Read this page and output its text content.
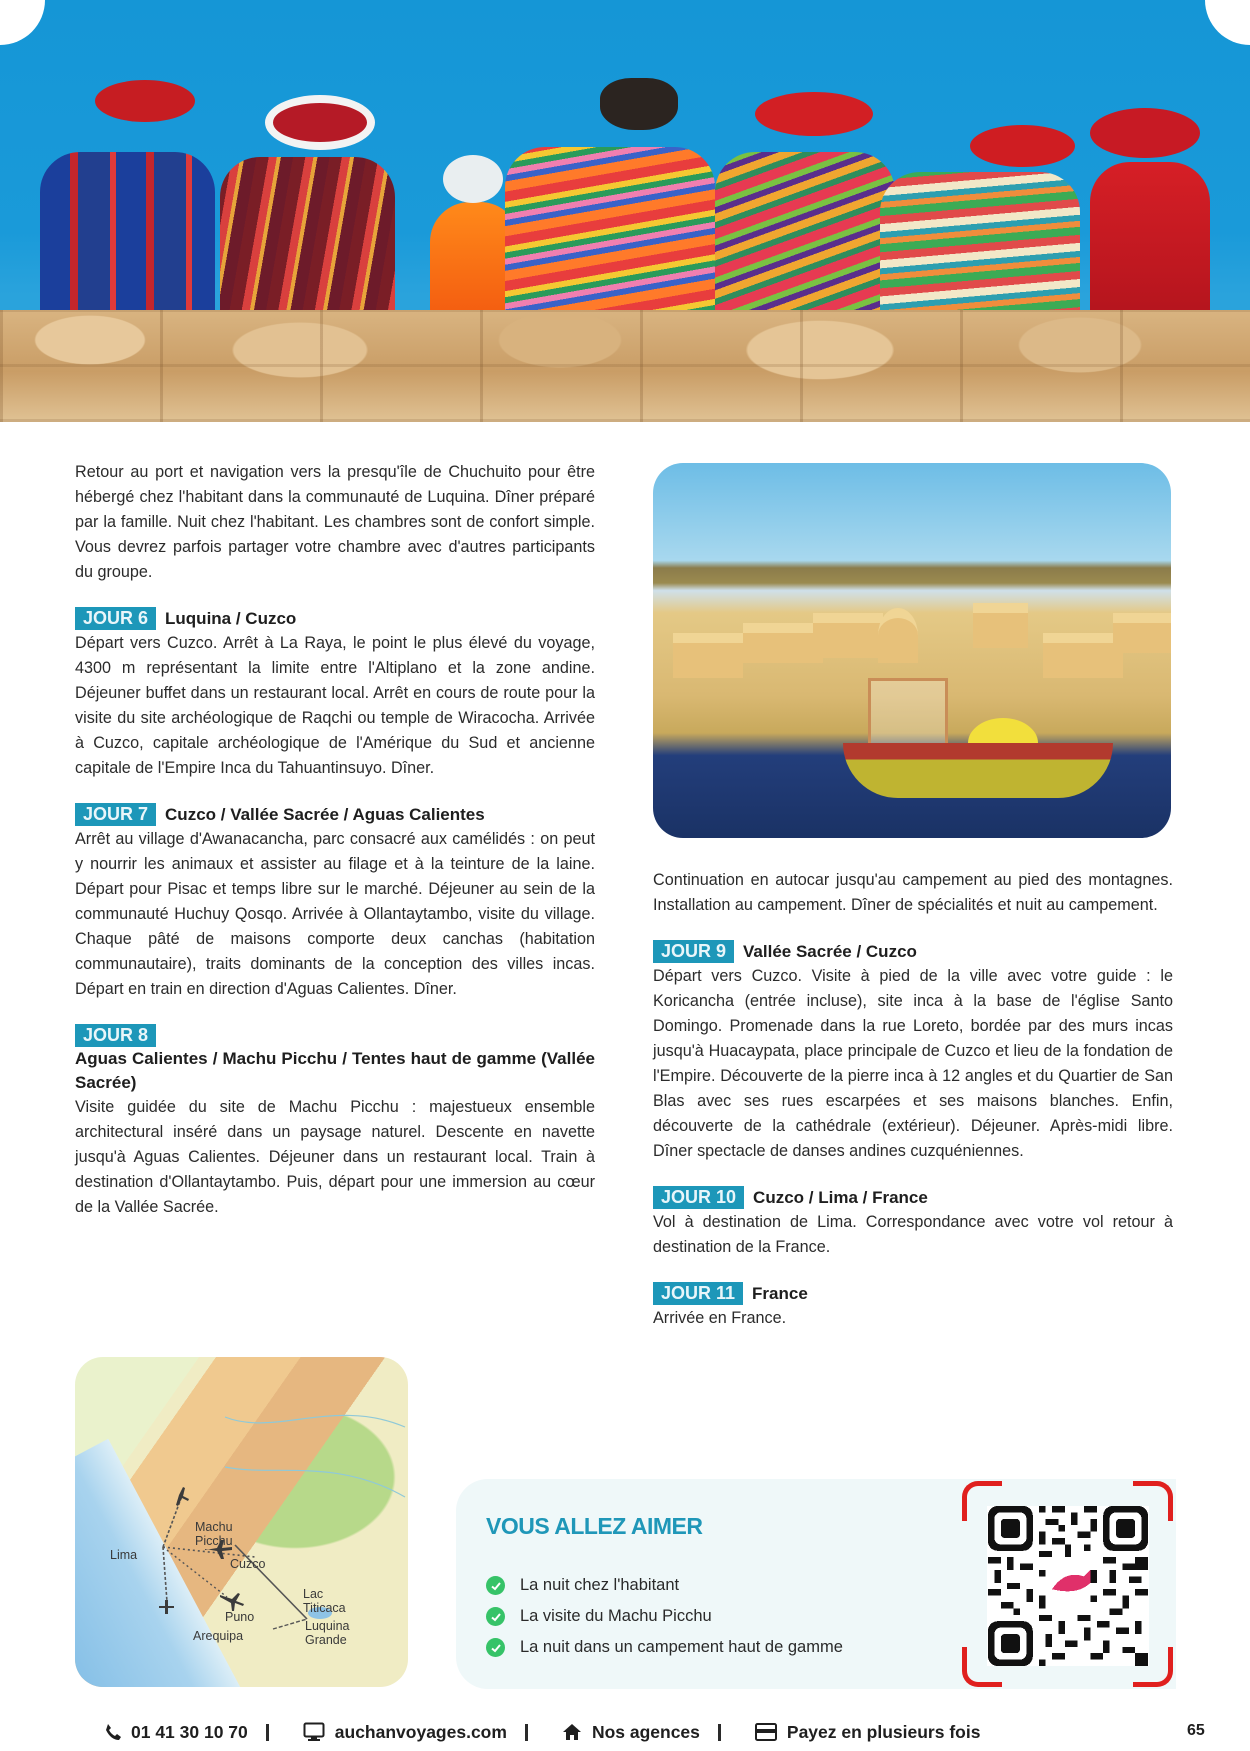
Retour au port et navigation vers la presqu'île de Chuchuito pour être hébergé chez l'habitant dans la communauté de Luquina. Dîner préparé par la famille. Nuit chez l'habitant. Les chambres sont de confort simple. Vous devrez parfois partager votre chambre avec d'autres participants du groupe.

JOUR 6	Luquina / Cuzco

Départ vers Cuzco. Arrêt à La Raya, le point le plus élevé du voyage, 4300 m représentant la limite entre l'Altiplano et la zone andine. Déjeuner buffet dans un restaurant local. Arrêt en cours de route pour la visite du site archéologique de Raqchi ou temple de Wiracocha. Arrivée à Cuzco, capitale archéologique de l'Amérique du Sud et ancienne capitale de l'Empire Inca du Tahuantinsuyo. Dîner.

JOUR 7	Cuzco / Vallée Sacrée / Aguas Calientes

Arrêt au village d'Awanacancha, parc consacré aux camélidés : on peut y nourrir les animaux et assister au filage et à la teinture de la laine. Départ pour Pisac et temps libre sur le marché. Déjeuner au sein de la communauté Huchuy Qosqo. Arrivée à Ollantaytambo, visite du village. Chaque pâté de maisons comporte deux canchas (habitation communautaire), traits dominants de la conception des villes incas. Départ en train en direction d'Aguas Calientes. Dîner.

JOUR 8
Aguas Calientes / Machu Picchu / Tentes haut de gamme (Vallée Sacrée)

Visite guidée du site de Machu Picchu : majestueux ensemble architectural inséré dans un paysage naturel. Descente en navette jusqu'à Aguas Calientes. Déjeuner dans un restaurant local. Train à destination d'Ollantaytambo. Puis, départ pour une immersion au cœur de la Vallée Sacrée.

Continuation en autocar jusqu'au campement au pied des montagnes. Installation au campement. Dîner de spécialités et nuit au campement.

JOUR 9	Vallée Sacrée / Cuzco

Départ vers Cuzco. Visite à pied de la ville avec votre guide : le Koricancha (entrée incluse), site inca à la base de l'église Santo Domingo. Promenade dans la rue Loreto, bordée par des murs incas jusqu'à Huacaypata, place principale de Cuzco et lieu de la fondation de l'Empire. Découverte de la pierre inca à 12 angles et du Quartier de San Blas avec ses rues escarpées et ses maisons blanches. Enfin, découverte de la cathédrale (extérieur). Déjeuner. Après-midi libre. Dîner spectacle de danses andines cuzquéniennes.

JOUR 10	Cuzco / Lima / France

Vol à destination de Lima. Correspondance avec votre vol retour à destination de la France.

JOUR 11	France

Arrivée en France.

Machu
Picchu
Lima
Cuzco
Lac
Titicaca
Puno
Luquina
Grande
Arequipa
VOUS ALLEZ AIMER
La nuit chez l'habitant
La visite du Machu Picchu
La nuit dans un campement haut de gamme
01 41 30 10 70	auchanvoyages.com	Nos agences	Payez en plusieurs fois	65
